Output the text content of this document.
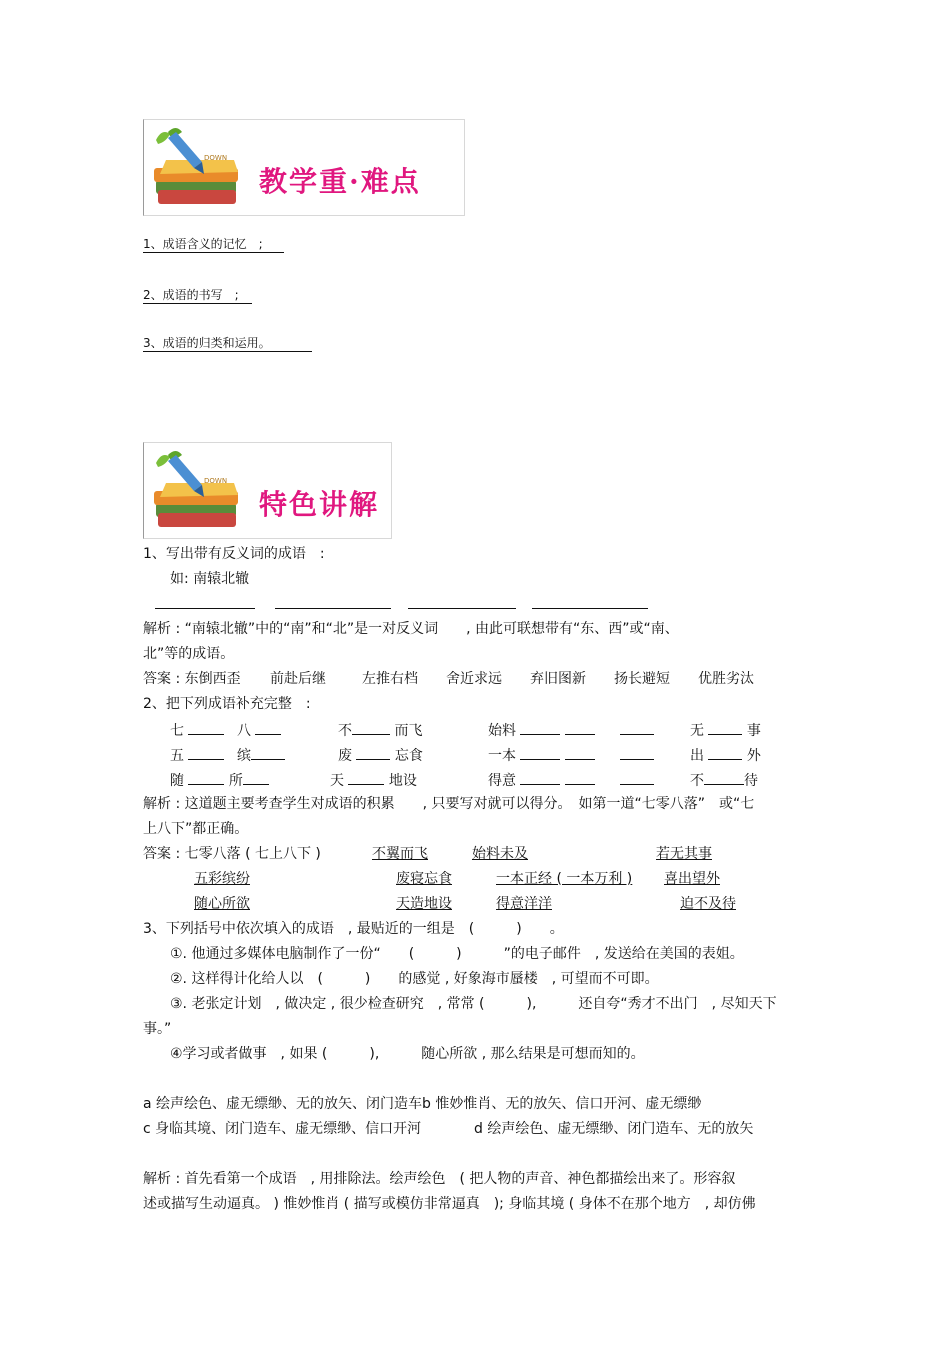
DOWN
教学重·难点
1、成语含义的记忆　;
2、成语的书写　;
3、成语的归类和运用。
DOWN
特色讲解
1、写出带有反义词的成语　:
如: 南辕北辙
解析 : “南辕北辙”中的“南”和“北”是一对反义词　　, 由此可联想带有“东、西”或“南、
北”等的成语。
答案 : 东倒西歪 前赴后继	左推右档 舍近求远 弃旧图新 扬长避短 优胜劣汰
2、把下列成语补充完整　:
七	八	不	而飞	始料	无	事
五	缤	废	忘食	一本	出	外
随	所	天	地设	得意	不	待
解析 : 这道题主要考查学生对成语的积累　　, 只要写对就可以得分。　如第一道“七零八落”　或“七
上八下”都正确。
答案 : 七零八落 ( 七上八下 )	不翼而飞	始料未及	若无其事
五彩缤纷	废寝忘食	一本正经 ( 一本万利 ) 喜出望外
随心所欲	天造地设	得意洋洋	迫不及待
3、下列括号中依次填入的成语　, 最贴近的一组是　(　　　)　　。
①. 他通过多媒体电脑制作了一份“　　(　　　)　　　”的电子邮件　, 发送给在美国的表姐。
②. 这样得计化给人以　(　　　)　　的感觉 , 好象海市蜃楼　, 可望而不可即。
③. 老张定计划　, 做决定 , 很少检查研究　, 常常 (　　　),　　　还自夸“秀才不出门　, 尽知天下
事。”
④学习或者做事　, 如果 (　　　),　　　随心所欲 , 那么结果是可想而知的。
a 绘声绘色、虚无缥缈、无的放矢、闭门造车b 惟妙惟肖、无的放矢、信口开河、虚无缥缈
c 身临其境、闭门造车、虚无缥缈、信口开河	d 绘声绘色、虚无缥缈、闭门造车、无的放矢
解析 : 首先看第一个成语　, 用排除法。绘声绘色　( 把人物的声音、神色都描绘出来了。形容叙
述或描写生动逼真。 ) 惟妙惟肖 ( 描写或模仿非常逼真　); 身临其境 ( 身体不在那个地方　, 却仿佛
